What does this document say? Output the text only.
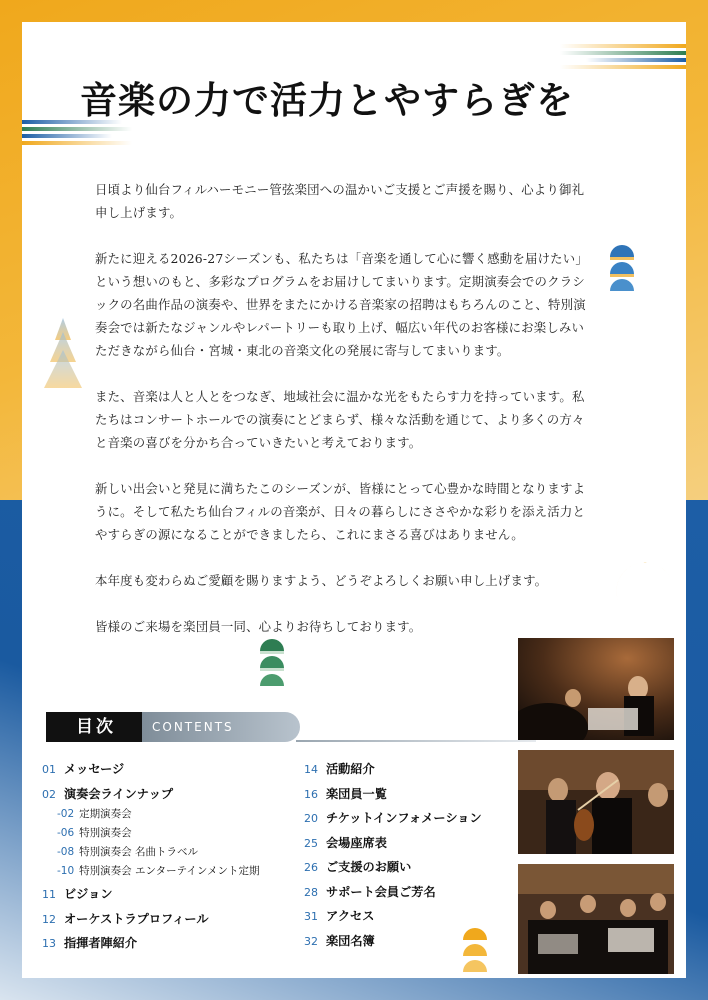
音楽の力で活力とやすらぎを

日頃より仙台フィルハーモニー管弦楽団への温かいご支援とご声援を賜り、心より御礼申し上げます。

新たに迎える2026-27シーズンも、私たちは「音楽を通して心に響く感動を届けたい」という想いのもと、多彩なプログラムをお届けしてまいります。定期演奏会でのクラシックの名曲作品の演奏や、世界をまたにかける音楽家の招聘はもちろんのこと、特別演奏会では新たなジャンルやレパートリーも取り上げ、幅広い年代のお客様にお楽しみいただきながら仙台・宮城・東北の音楽文化の発展に寄与してまいります。

また、音楽は人と人とをつなぎ、地域社会に温かな光をもたらす力を持っています。私たちはコンサートホールでの演奏にとどまらず、様々な活動を通じて、より多くの方々と音楽の喜びを分かち合っていきたいと考えております。

新しい出会いと発見に満ちたこのシーズンが、皆様にとって心豊かな時間となりますように。そして私たち仙台フィルの音楽が、日々の暮らしにささやかな彩りを添え活力とやすらぎの源になることができましたら、これにまさる喜びはありません。

本年度も変わらぬご愛顧を賜りますよう、どうぞよろしくお願い申し上げます。

皆様のご来場を楽団員一同、心よりお待ちしております。

目次	CONTENTS
01 メッセージ
02 演奏会ラインナップ
-02 定期演奏会
-06 特別演奏会
-08 特別演奏会 名曲トラベル
-10 特別演奏会 エンターテインメント定期
11 ビジョン
12 オーケストラプロフィール
13 指揮者陣紹介
14 活動紹介
16 楽団員一覧
20 チケットインフォメーション
25 会場座席表
26 ご支援のお願い
28 サポート会員ご芳名
31 アクセス
32 楽団名簿
